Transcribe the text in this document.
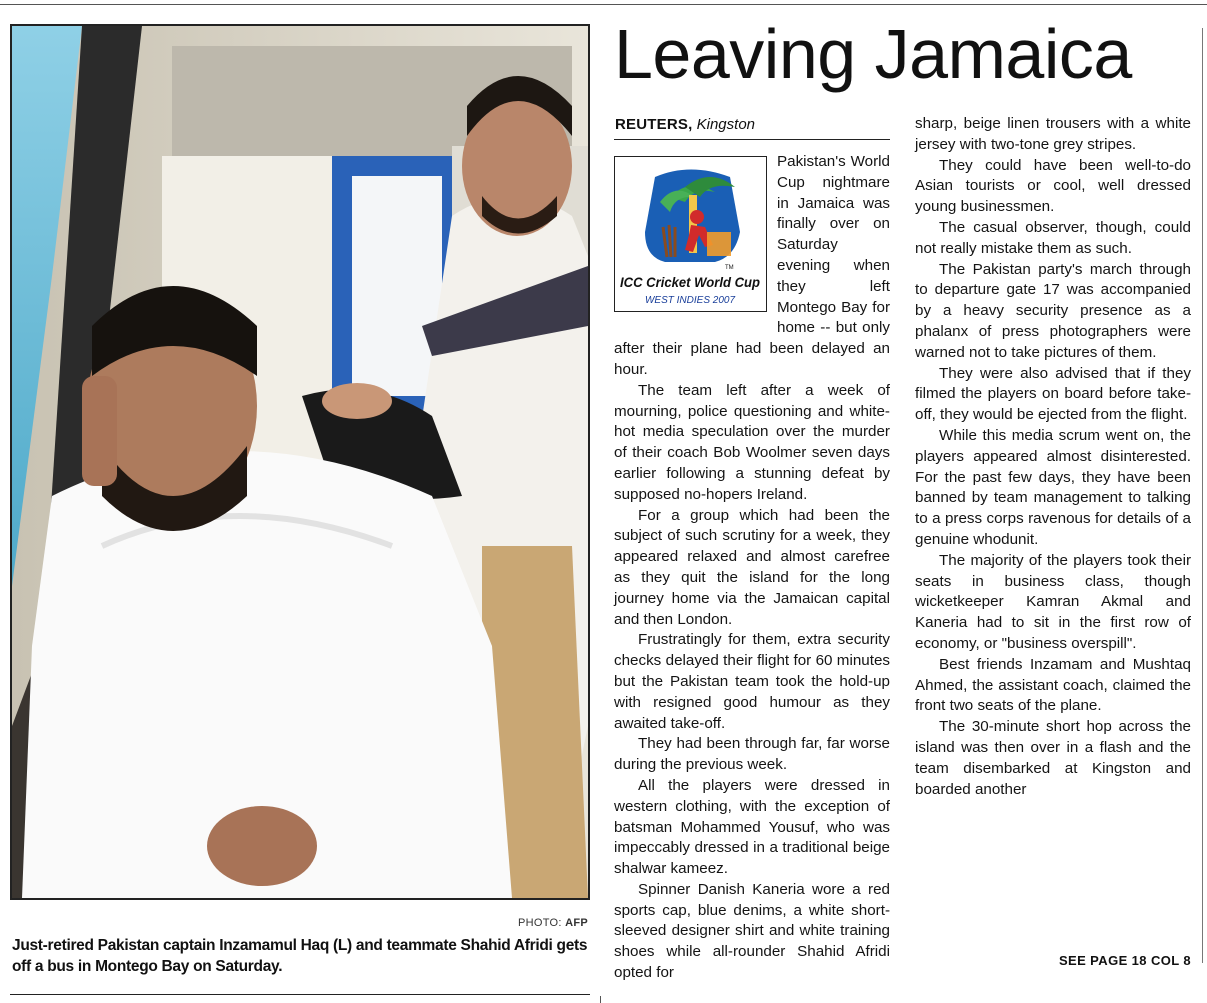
PHOTO: AFP
Just-retired Pakistan captain Inzamamul Haq (L) and teammate Shahid Afridi gets off a bus in Montego Bay on Saturday.
Leaving Jamaica
REUTERS, Kingston
TM
ICC Cricket World Cup
WEST INDIES 2007

Pakistan's World Cup nightmare in Jamaica was finally over on Saturday evening when they left Montego Bay for home -- but only after their plane had been delayed an hour.

The team left after a week of mourning, police questioning and white-hot media speculation over the murder of their coach Bob Woolmer seven days earlier following a stunning defeat by supposed no-hopers Ireland.

For a group which had been the subject of such scrutiny for a week, they appeared relaxed and almost carefree as they quit the island for the long journey home via the Jamaican capital and then London.

Frustratingly for them, extra security checks delayed their flight for 60 minutes but the Pakistan team took the hold-up with resigned good humour as they awaited take-off.

They had been through far, far worse during the previous week.

All the players were dressed in western clothing, with the exception of batsman Mohammed Yousuf, who was impeccably dressed in a traditional beige shalwar kameez.

Spinner Danish Kaneria wore a red sports cap, blue denims, a white short-sleeved designer shirt and white training shoes while all-rounder Shahid Afridi opted for

sharp, beige linen trousers with a white jersey with two-tone grey stripes.

They could have been well-to-do Asian tourists or cool, well dressed young businessmen.

The casual observer, though, could not really mistake them as such.

The Pakistan party's march through to departure gate 17 was accompanied by a heavy security presence as a phalanx of press photographers were warned not to take pictures of them.

They were also advised that if they filmed the players on board before take-off, they would be ejected from the flight.

While this media scrum went on, the players appeared almost disinterested. For the past few days, they have been banned by team management to talking to a press corps ravenous for details of a genuine whodunit.

The majority of the players took their seats in business class, though wicketkeeper Kamran Akmal and Kaneria had to sit in the first row of economy, or "business overspill".

Best friends Inzamam and Mushtaq Ahmed, the assistant coach, claimed the front two seats of the plane.

The 30-minute short hop across the island was then over in a flash and the team disembarked at Kingston and boarded another

SEE PAGE 18 COL 8
